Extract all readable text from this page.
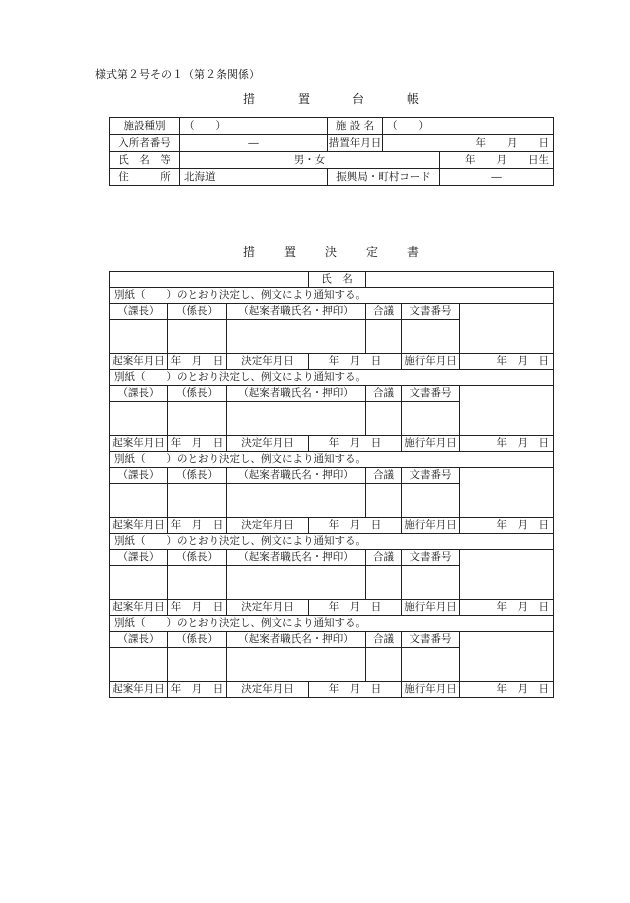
様式第２号その１（第２条関係）
措	置	台	帳
施設種別	（　　）	施 設 名	（　　）	
入所者番号	―	措置年月日	年　　月　　日	
氏　名　等	男・女			年　　月　　日生
住　　　所	北海道	振興局・町村コード		―
措 置 決 定 書
			氏　名			
別紙（　　）のとおり決定し、例文により通知する。						
（課長）	（係長）	（起案者職氏名・押印）		合議	文書番号	

起案年月日	年　月　日	決定年月日	年　月　日		施行年月日	年　月　日
別紙（　　）のとおり決定し、例文により通知する。						
（課長）	（係長）	（起案者職氏名・押印）		合議	文書番号	

起案年月日	年　月　日	決定年月日	年　月　日		施行年月日	年　月　日
別紙（　　）のとおり決定し、例文により通知する。						
（課長）	（係長）	（起案者職氏名・押印）		合議	文書番号	

起案年月日	年　月　日	決定年月日	年　月　日		施行年月日	年　月　日
別紙（　　）のとおり決定し、例文により通知する。						
（課長）	（係長）	（起案者職氏名・押印）		合議	文書番号	

起案年月日	年　月　日	決定年月日	年　月　日		施行年月日	年　月　日
別紙（　　）のとおり決定し、例文により通知する。						
（課長）	（係長）	（起案者職氏名・押印）		合議	文書番号	

起案年月日	年　月　日	決定年月日	年　月　日		施行年月日	年　月　日
